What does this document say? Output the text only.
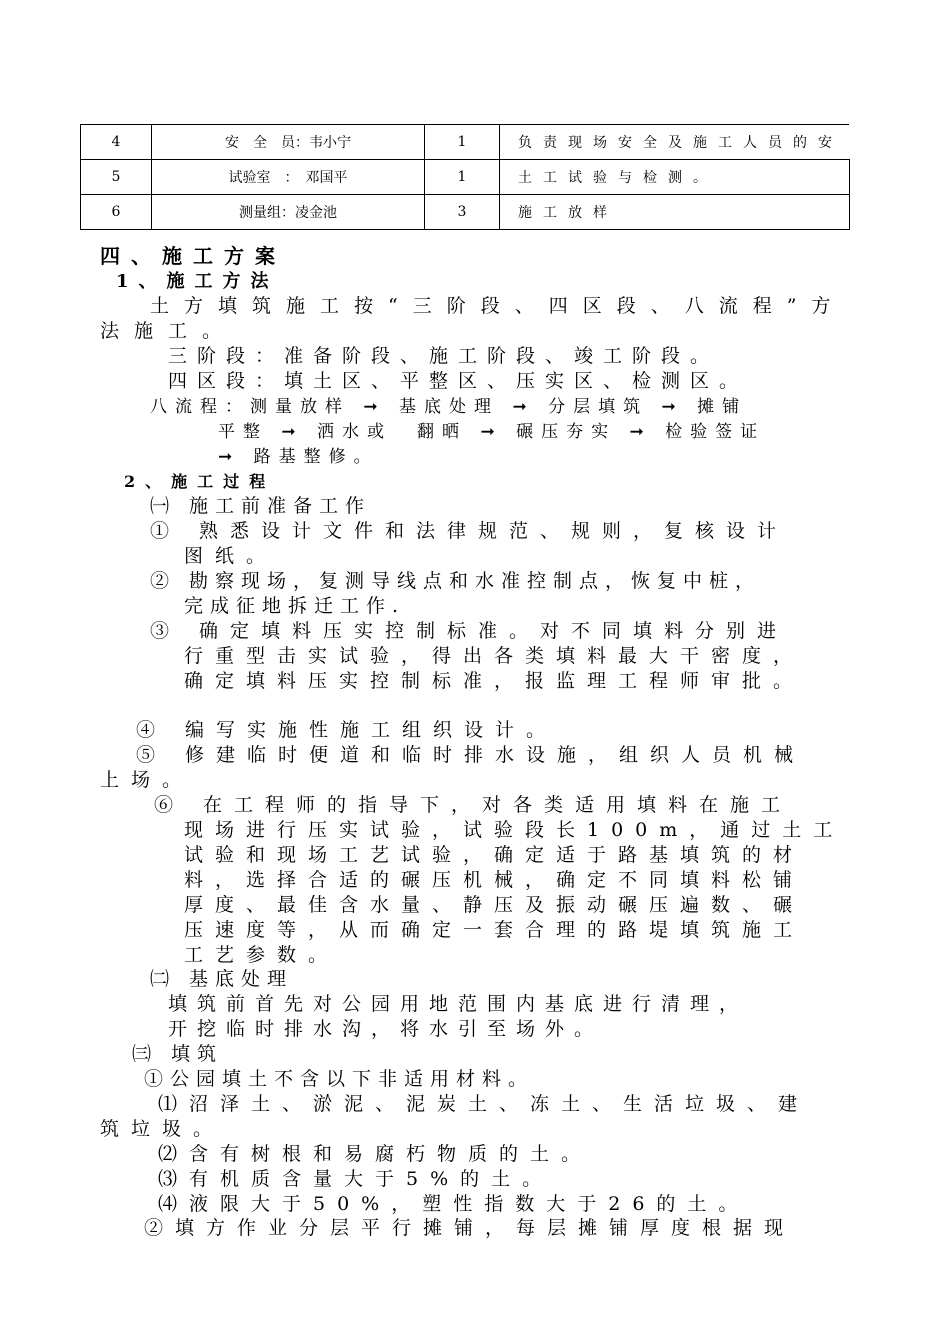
4	安　全　员：韦小宁	1	负责现场安全及施工人员的安
5	试验室　：　邓国平	1	土工试验与检测。
6	测量组：凌金池	3	施工放样
四、施工方案
1、施工方法
土方填筑施工按“三阶段、四区段、八流程”方
法施工。
三阶段：准备阶段、施工阶段、竣工阶段。
四区段：填土区、平整区、压实区、检测区。
八流程：测量放样 ➞ 基底处理 ➞ 分层填筑 ➞ 摊铺
平整 ➞ 洒水或　翻晒 ➞ 碾压夯实 ➞ 检验签证
➞ 路基整修。
2、施工过程
㈠ 施工前准备工作
① 熟悉设计文件和法律规范、规则，复核设计
图纸。
② 勘察现场，复测导线点和水准控制点，恢复中桩，
完成征地拆迁工作.
③ 确定填料压实控制标准。对不同填料分别进
行重型击实试验，得出各类填料最大干密度，
确定填料压实控制标准，报监理工程师审批。
④ 编写实施性施工组织设计。
⑤ 修建临时便道和临时排水设施，组织人员机械
上场。
⑥ 在工程师的指导下，对各类适用填料在施工
现场进行压实试验，试验段长100m，通过土工
试验和现场工艺试验，确定适于路基填筑的材
料，选择合适的碾压机械，确定不同填料松铺
厚度、最佳含水量、静压及振动碾压遍数、碾
压速度等，从而确定一套合理的路堤填筑施工
工艺参数。
㈡ 基底处理
填筑前首先对公园用地范围内基底进行清理，
开挖临时排水沟，将水引至场外。
㈢ 填筑
①公园填土不含以下非适用材料。
⑴沼泽土、淤泥、泥炭土、冻土、生活垃圾、建
筑垃圾。
⑵含有树根和易腐朽物质的土。
⑶有机质含量大于5%的土。
⑷液限大于50%，塑性指数大于26的土。
②填方作业分层平行摊铺，每层摊铺厚度根据现
